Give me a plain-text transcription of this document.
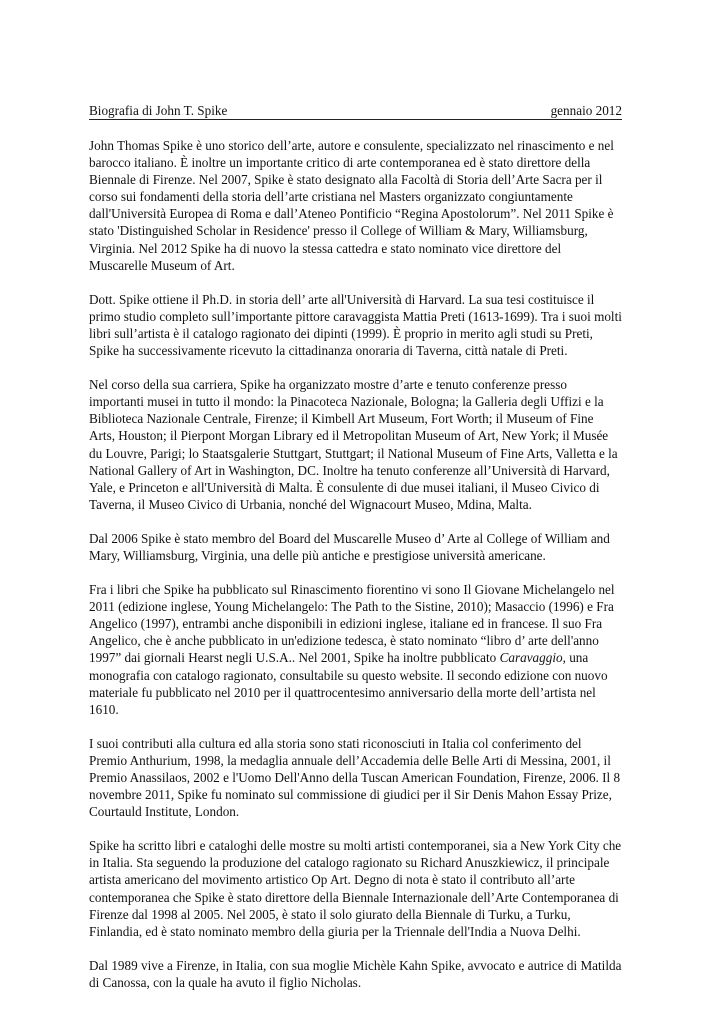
Biografia di John T. Spike	gennaio 2012

John Thomas Spike è uno storico dell’arte, autore e consulente, specializzato nel rinascimento e nel barocco italiano. È inoltre un importante critico di arte contemporanea ed è stato direttore della Biennale di Firenze. Nel 2007, Spike è stato designato alla Facoltà di Storia dell’Arte Sacra per il corso sui fondamenti della storia dell’arte cristiana nel Masters organizzato congiuntamente dall'Università Europea di Roma e dall’Ateneo Pontificio “Regina Apostolorum”. Nel 2011 Spike è stato 'Distinguished Scholar in Residence' presso il College of William & Mary, Williamsburg, Virginia. Nel 2012 Spike ha di nuovo la stessa cattedra e stato nominato vice direttore del Muscarelle Museum of Art.

Dott. Spike ottiene il Ph.D. in storia dell’ arte all'Università di Harvard. La sua tesi costituisce il primo studio completo sull’importante pittore caravaggista Mattia Preti (1613-1699). Tra i suoi molti libri sull’artista è il catalogo ragionato dei dipinti (1999). È proprio in merito agli studi su Preti, Spike ha successivamente ricevuto la cittadinanza onoraria di Taverna, città natale di Preti.

Nel corso della sua carriera, Spike ha organizzato mostre d’arte e tenuto conferenze presso importanti musei in tutto il mondo: la Pinacoteca Nazionale, Bologna; la Galleria degli Uffizi e la Biblioteca Nazionale Centrale, Firenze; il Kimbell Art Museum, Fort Worth; il Museum of Fine Arts, Houston; il Pierpont Morgan Library ed il Metropolitan Museum of Art, New York; il Musée du Louvre, Parigi; lo Staatsgalerie Stuttgart, Stuttgart; il National Museum of Fine Arts, Valletta e la National Gallery of Art in Washington, DC. Inoltre ha tenuto conferenze all’Università di Harvard, Yale, e Princeton e all'Università di Malta. È consulente di due musei italiani, il Museo Civico di Taverna, il Museo Civico di Urbania, nonché del Wignacourt Museo, Mdina, Malta.

Dal 2006 Spike è stato membro del Board del Muscarelle Museo d’ Arte al College of William and Mary, Williamsburg, Virginia, una delle più antiche e prestigiose università americane.

Fra i libri che Spike ha pubblicato sul Rinascimento fiorentino vi sono Il Giovane Michelangelo nel 2011 (edizione inglese, Young Michelangelo: The Path to the Sistine, 2010); Masaccio (1996) e Fra Angelico (1997), entrambi anche disponibili in edizioni inglese, italiane ed in francese. Il suo Fra Angelico, che è anche pubblicato in un'edizione tedesca, è stato nominato “libro d’ arte dell'anno 1997” dai giornali Hearst negli U.S.A.. Nel 2001, Spike ha inoltre pubblicato Caravaggio, una monografia con catalogo ragionato, consultabile su questo website. Il secondo edizione con nuovo materiale fu pubblicato nel 2010 per il quattrocentesimo anniversario della morte dell’artista nel 1610.

I suoi contributi alla cultura ed alla storia sono stati riconosciuti in Italia col conferimento del Premio Anthurium, 1998, la medaglia annuale dell’Accademia delle Belle Arti di Messina, 2001, il Premio Anassilaos, 2002 e l'Uomo Dell'Anno della Tuscan American Foundation, Firenze, 2006. Il 8 novembre 2011, Spike fu nominato sul commissione di giudici per il Sir Denis Mahon Essay Prize, Courtauld Institute, London.

Spike ha scritto libri e cataloghi delle mostre su molti artisti contemporanei, sia a New York City che in Italia. Sta seguendo la produzione del catalogo ragionato su Richard Anuszkiewicz, il principale artista americano del movimento artistico Op Art. Degno di nota è stato il contributo all’arte contemporanea che Spike è stato direttore della Biennale Internazionale dell’Arte Contemporanea di Firenze dal 1998 al 2005. Nel 2005, è stato il solo giurato della Biennale di Turku, a Turku, Finlandia, ed è stato nominato membro della giuria per la Triennale dell'India a Nuova Delhi.

Dal 1989 vive a Firenze, in Italia, con sua moglie Michèle Kahn Spike, avvocato e autrice di Matilda di Canossa, con la quale ha avuto il figlio Nicholas.
